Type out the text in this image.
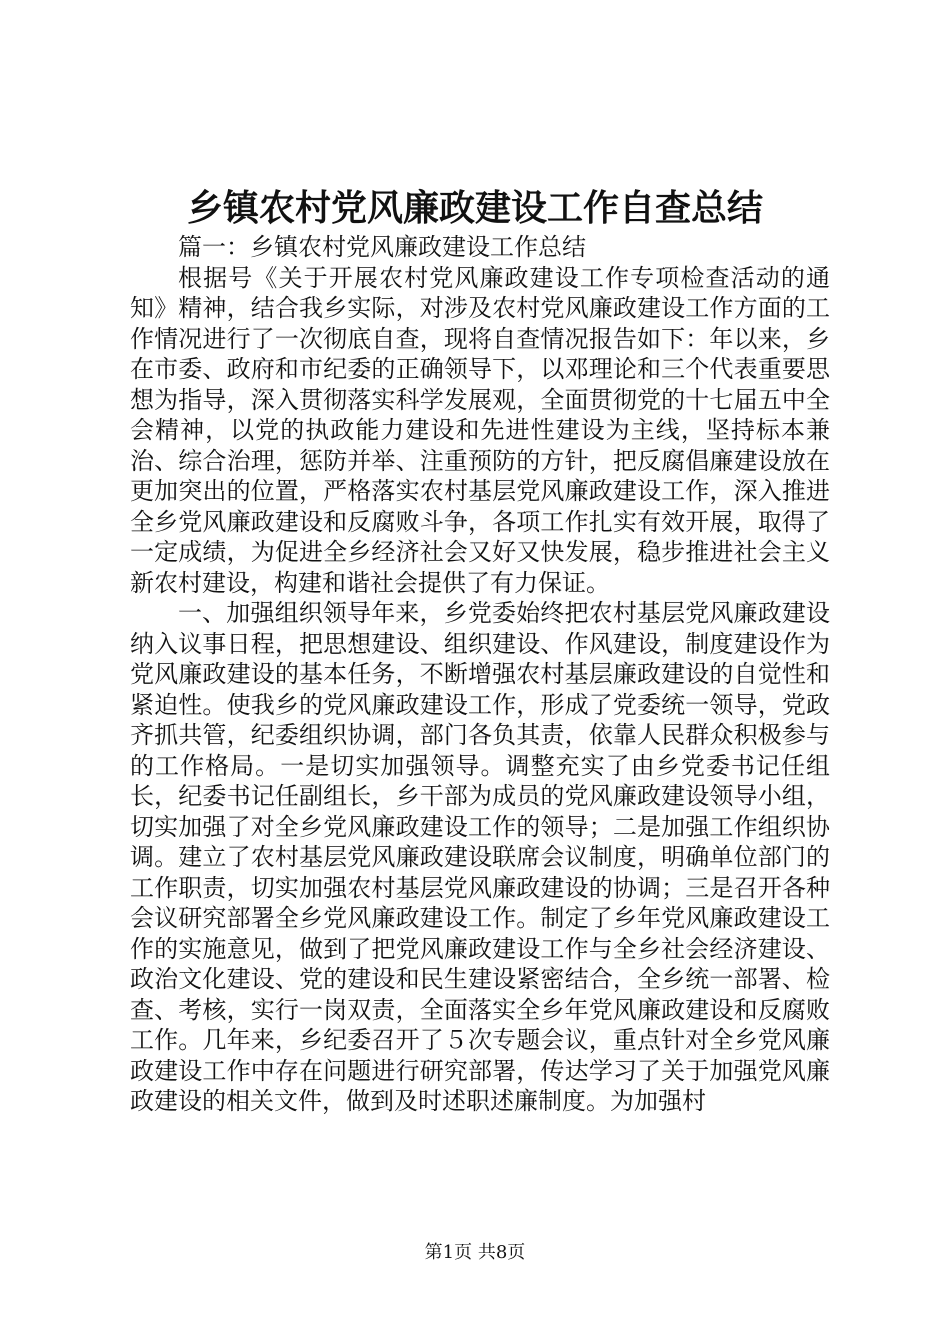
乡镇农村党风廉政建设工作自查总结

篇一：乡镇农村党风廉政建设工作总结

根据号《关于开展农村党风廉政建设工作专项检查活动的通知》精神，结合我乡实际，对涉及农村党风廉政建设工作方面的工作情况进行了一次彻底自查，现将自查情况报告如下：年以来，乡在市委、政府和市纪委的正确领导下，以邓理论和三个代表重要思想为指导，深入贯彻落实科学发展观，全面贯彻党的十七届五中全会精神，以党的执政能力建设和先进性建设为主线，坚持标本兼治、综合治理，惩防并举、注重预防的方针，把反腐倡廉建设放在更加突出的位置，严格落实农村基层党风廉政建设工作，深入推进全乡党风廉政建设和反腐败斗争，各项工作扎实有效开展，取得了一定成绩，为促进全乡经济社会又好又快发展，稳步推进社会主义新农村建设，构建和谐社会提供了有力保证。

一、加强组织领导年来，乡党委始终把农村基层党风廉政建设纳入议事日程，把思想建设、组织建设、作风建设，制度建设作为党风廉政建设的基本任务，不断增强农村基层廉政建设的自觉性和紧迫性。使我乡的党风廉政建设工作，形成了党委统一领导，党政齐抓共管，纪委组织协调，部门各负其责，依靠人民群众积极参与的工作格局。一是切实加强领导。调整充实了由乡党委书记任组长，纪委书记任副组长，乡干部为成员的党风廉政建设领导小组，切实加强了对全乡党风廉政建设工作的领导；二是加强工作组织协调。建立了农村基层党风廉政建设联席会议制度，明确单位部门的工作职责，切实加强农村基层党风廉政建设的协调；三是召开各种会议研究部署全乡党风廉政建设工作。制定了乡年党风廉政建设工作的实施意见，做到了把党风廉政建设工作与全乡社会经济建设、政治文化建设、党的建设和民生建设紧密结合，全乡统一部署、检查、考核，实行一岗双责，全面落实全乡年党风廉政建设和反腐败工作。几年来，乡纪委召开了５次专题会议，重点针对全乡党风廉政建设工作中存在问题进行研究部署，传达学习了关于加强党风廉政建设的相关文件，做到及时述职述廉制度。为加强村

第1页 共8页
